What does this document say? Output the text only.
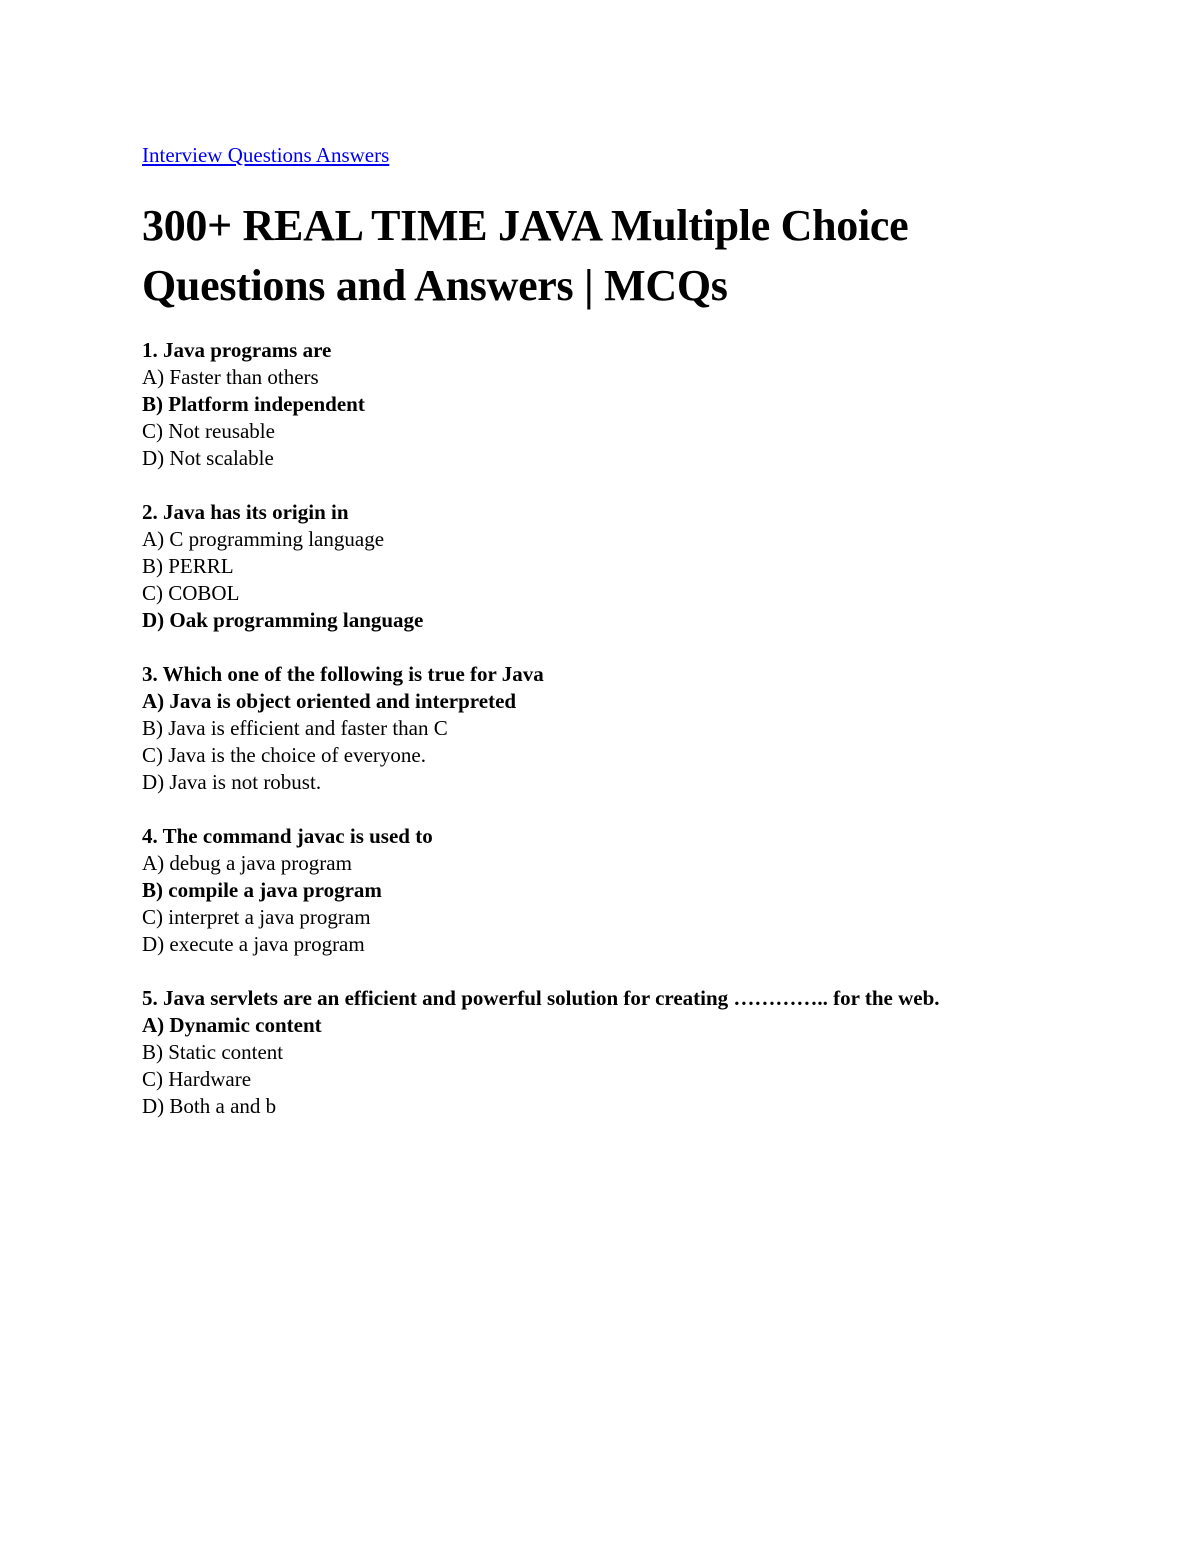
Interview Questions Answers
300+ REAL TIME JAVA Multiple Choice
Questions and Answers | MCQs
1. Java programs are
A) Faster than others
B) Platform independent
C) Not reusable
D) Not scalable
2. Java has its origin in
A) C programming language
B) PERRL
C) COBOL
D) Oak programming language
3. Which one of the following is true for Java
A) Java is object oriented and interpreted
B) Java is efficient and faster than C
C) Java is the choice of everyone.
D) Java is not robust.
4. The command javac is used to
A) debug a java program
B) compile a java program
C) interpret a java program
D) execute a java program
5. Java servlets are an efficient and powerful solution for creating ………….. for the web.
A) Dynamic content
B) Static content
C) Hardware
D) Both a and b
